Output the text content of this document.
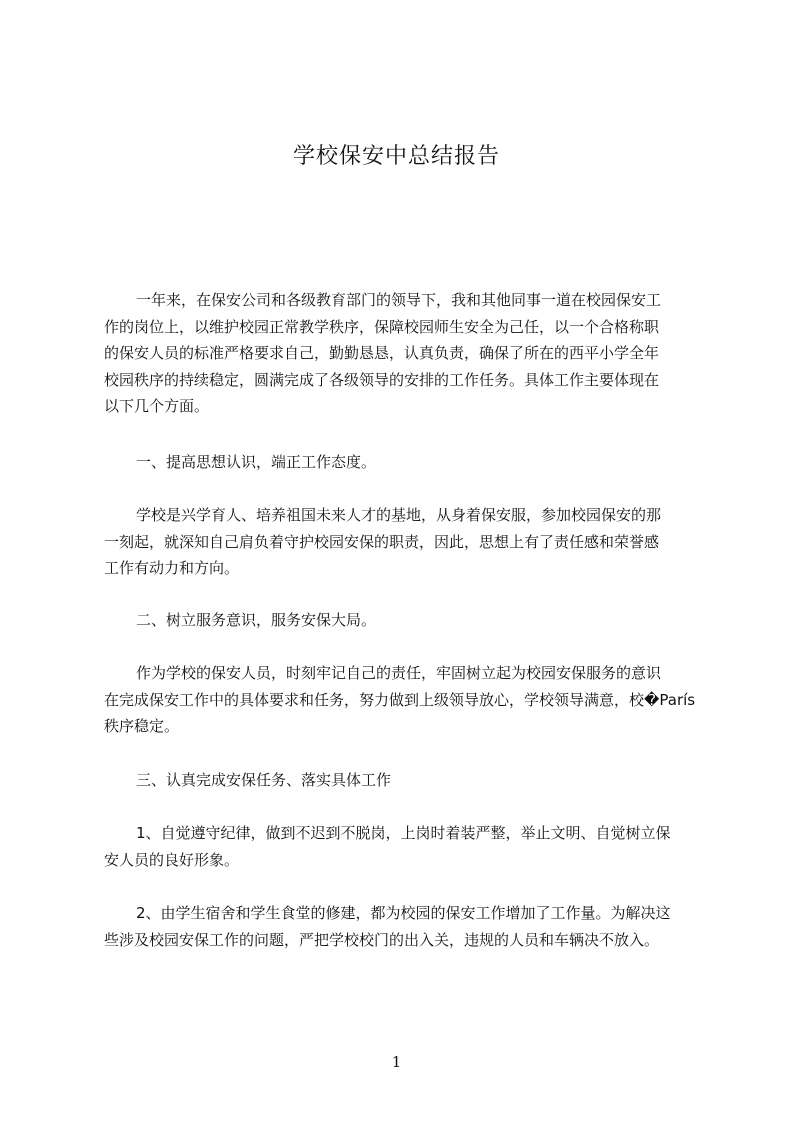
学校保安中总结报告
一年来，在保安公司和各级教育部门的领导下，我和其他同事一道在校园保安工
作的岗位上，以维护校园正常教学秩序，保障校园师生安全为己任，以一个合格称职
的保安人员的标准严格要求自己，勤勤恳恳，认真负责，确保了所在的西平小学全年
校园秩序的持续稳定，圆满完成了各级领导的安排的工作任务。具体工作主要体现在
以下几个方面。
一、提高思想认识，端正工作态度。
学校是兴学育人、培养祖国未来人才的基地，从身着保安服，参加校园保安的那
一刻起，就深知自己肩负着守护校园安保的职责，因此，思想上有了责任感和荣誉感
工作有动力和方向。
二、树立服务意识，服务安保大局。
作为学校的保安人员，时刻牢记自己的责任，牢固树立起为校园安保服务的意识
在完成保安工作中的具体要求和任务，努力做到上级领导放心，学校领导满意，校�París
秩序稳定。
三、认真完成安保任务、落实具体工作
1、自觉遵守纪律，做到不迟到不脱岗，上岗时着装严整，举止文明、自觉树立保
安人员的良好形象。
2、由学生宿舍和学生食堂的修建，都为校园的保安工作增加了工作量。为解决这
些涉及校园安保工作的问题，严把学校校门的出入关，违规的人员和车辆决不放入。
1
